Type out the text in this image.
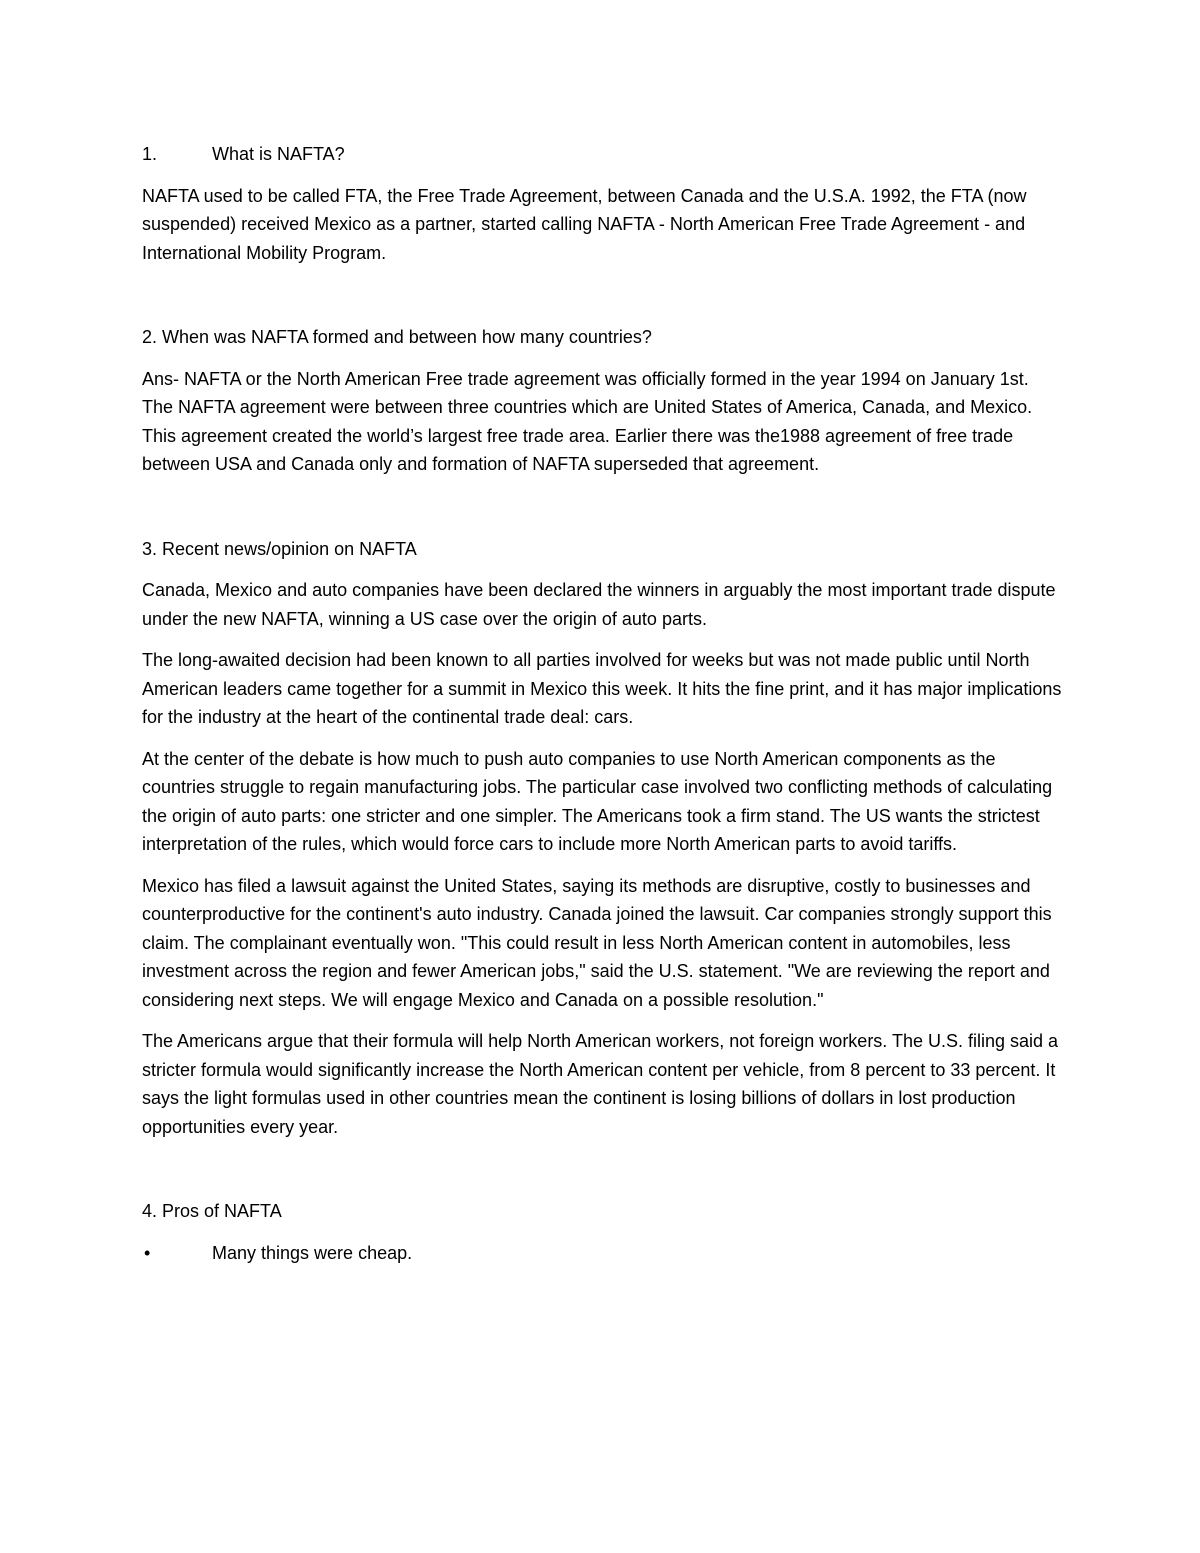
1.	What is NAFTA?

NAFTA used to be called FTA, the Free Trade Agreement, between Canada and the U.S.A. 1992, the FTA (now suspended) received Mexico as a partner, started calling NAFTA - North American Free Trade Agreement - and International Mobility Program.

2. When was NAFTA formed and between how many countries?

Ans- NAFTA or the North American Free trade agreement was officially formed in the year 1994 on January 1st. The NAFTA agreement were between three countries which are United States of America, Canada, and Mexico. This agreement created the world’s largest free trade area. Earlier there was the1988 agreement of free trade between USA and Canada only and formation of NAFTA superseded that agreement.

3. Recent news/opinion on NAFTA

Canada, Mexico and auto companies have been declared the winners in arguably the most important trade dispute under the new NAFTA, winning a US case over the origin of auto parts.

The long-awaited decision had been known to all parties involved for weeks but was not made public until North American leaders came together for a summit in Mexico this week. It hits the fine print, and it has major implications for the industry at the heart of the continental trade deal: cars.

At the center of the debate is how much to push auto companies to use North American components as the countries struggle to regain manufacturing jobs. The particular case involved two conflicting methods of calculating the origin of auto parts: one stricter and one simpler. The Americans took a firm stand. The US wants the strictest interpretation of the rules, which would force cars to include more North American parts to avoid tariffs.

Mexico has filed a lawsuit against the United States, saying its methods are disruptive, costly to businesses and counterproductive for the continent's auto industry. Canada joined the lawsuit. Car companies strongly support this claim. The complainant eventually won. "This could result in less North American content in automobiles, less investment across the region and fewer American jobs," said the U.S. statement. "We are reviewing the report and considering next steps. We will engage Mexico and Canada on a possible resolution."

The Americans argue that their formula will help North American workers, not foreign workers. The U.S. filing said a stricter formula would significantly increase the North American content per vehicle, from 8 percent to 33 percent. It says the light formulas used in other countries mean the continent is losing billions of dollars in lost production opportunities every year.

4. Pros of NAFTA

•	Many things were cheap.
